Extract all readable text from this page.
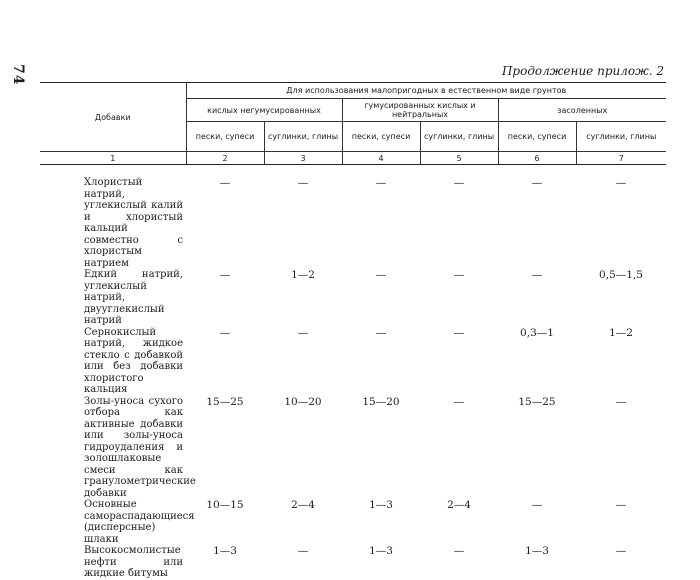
74	Продолжение прилож. 2
Добавки	Для использования малопригодных в естественном виде грунтов					
	кислых негумусированных		гумусированных кислых и нейтральных		засоленных	
	пески, супеси	суглинки, глины	пески, супеси	суглинки, глины	пески, супеси	суглинки, глины
1	2	3	4	5	6	7
Хлористый натрий, углекислый калий и хлористый кальций совместно с хлористым натрием	—	—	—	—	—	—
Едкий натрий, углекислый натрий, двууглекислый натрий	—	1—2	—	—	—	0,5—1,5
Сернокислый натрий, жидкое стекло с добавкой или без добавки хлористого кальция	—	—	—	—	0,3—1	1—2
Золы-уноса сухого отбора как активные добавки или золы-уноса гидроудаления и золошлаковые смеси как гранулометрические добавки	15—25	10—20	15—20	—	15—25	—
Основные самораспадающиеся (дисперсные) шлаки	10—15	2—4	1—3	2—4	—	—
Высокосмолистые нефти или жидкие битумы	1—3	—	1—3	—	1—3	—
